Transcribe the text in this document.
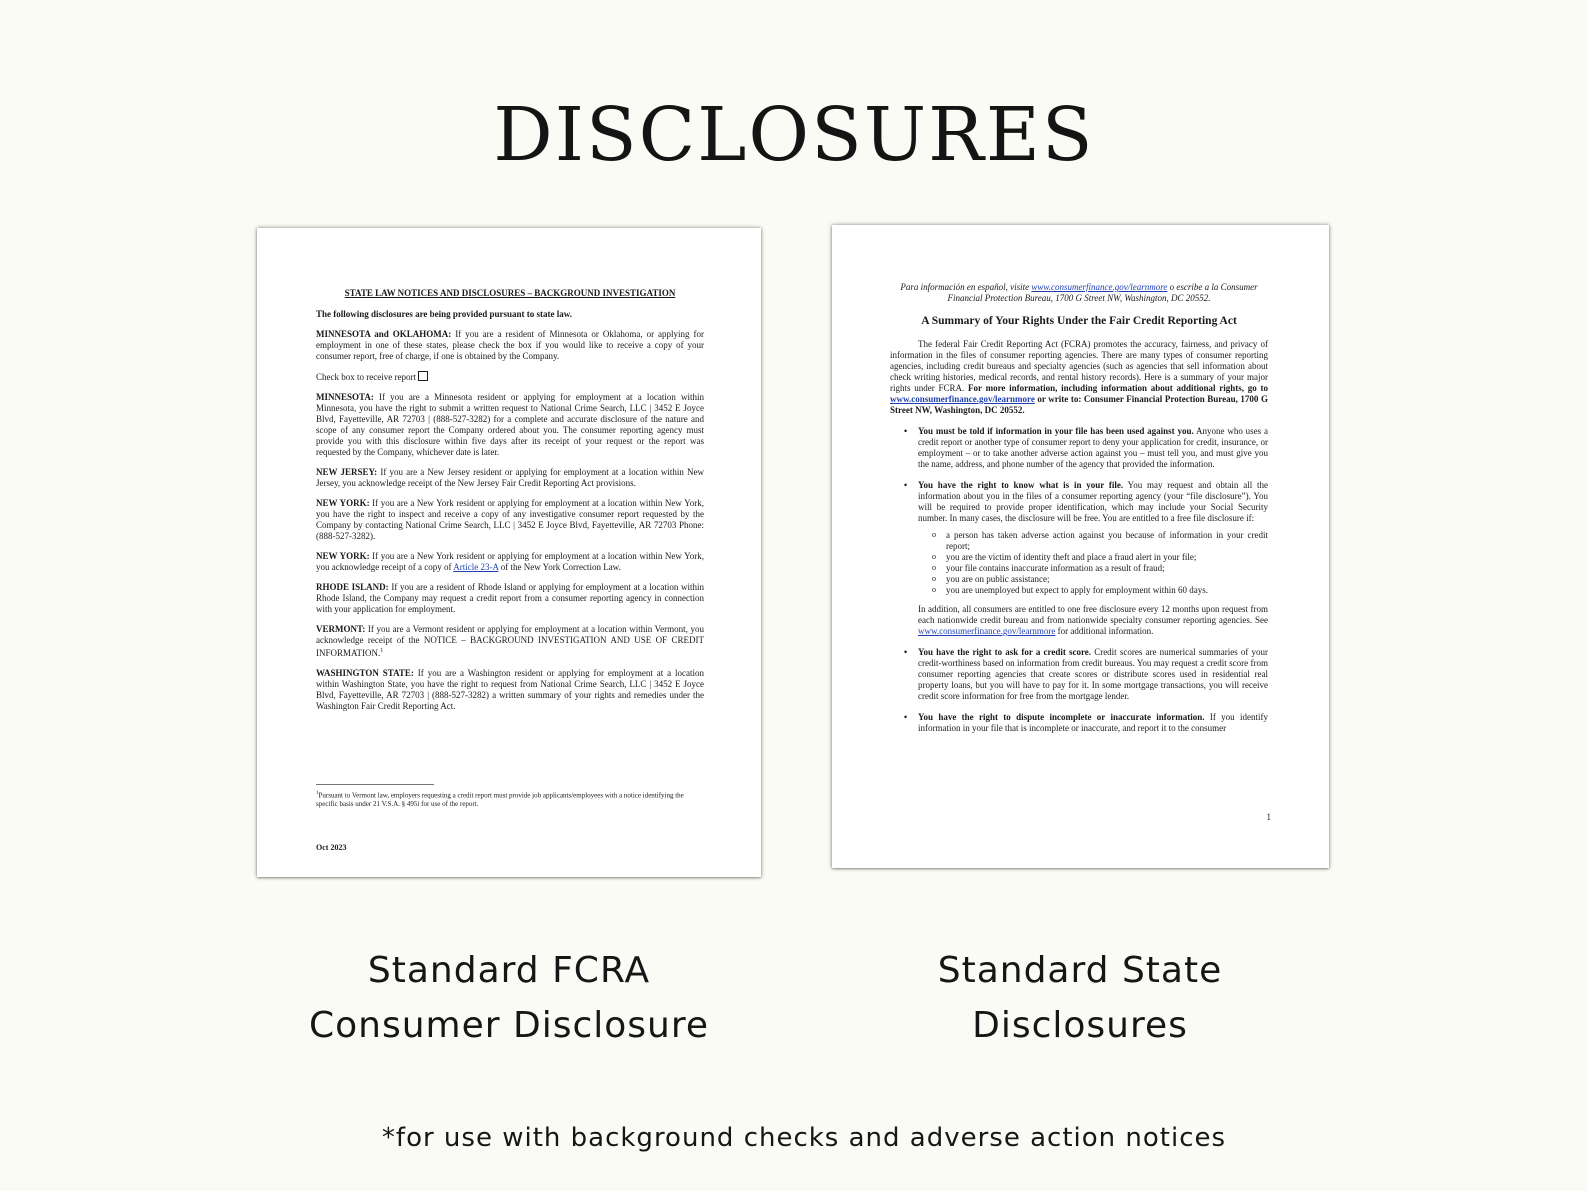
DISCLOSURES
STATE LAW NOTICES AND DISCLOSURES – BACKGROUND INVESTIGATION
The following disclosures are being provided pursuant to state law.
MINNESOTA and OKLAHOMA: If you are a resident of Minnesota or Oklahoma, or applying for employment in one of these states, please check the box if you would like to receive a copy of your consumer report, free of charge, if one is obtained by the Company.
Check box to receive report
MINNESOTA: If you are a Minnesota resident or applying for employment at a location within Minnesota, you have the right to submit a written request to National Crime Search, LLC | 3452 E Joyce Blvd, Fayetteville, AR 72703 | (888-527-3282) for a complete and accurate disclosure of the nature and scope of any consumer report the Company ordered about you. The consumer reporting agency must provide you with this disclosure within five days after its receipt of your request or the report was requested by the Company, whichever date is later.
NEW JERSEY: If you are a New Jersey resident or applying for employment at a location within New Jersey, you acknowledge receipt of the New Jersey Fair Credit Reporting Act provisions.
NEW YORK: If you are a New York resident or applying for employment at a location within New York, you have the right to inspect and receive a copy of any investigative consumer report requested by the Company by contacting National Crime Search, LLC | 3452 E Joyce Blvd, Fayetteville, AR 72703 Phone: (888-527-3282).
NEW YORK: If you are a New York resident or applying for employment at a location within New York, you acknowledge receipt of a copy of Article 23-A of the New York Correction Law.
RHODE ISLAND: If you are a resident of Rhode Island or applying for employment at a location within Rhode Island, the Company may request a credit report from a consumer reporting agency in connection with your application for employment.
VERMONT: If you are a Vermont resident or applying for employment at a location within Vermont, you acknowledge receipt of the NOTICE – BACKGROUND INVESTIGATION AND USE OF CREDIT INFORMATION.$^1$
WASHINGTON STATE: If you are a Washington resident or applying for employment at a location within Washington State, you have the right to request from National Crime Search, LLC | 3452 E Joyce Blvd, Fayetteville, AR 72703 | (888-527-3282) a written summary of your rights and remedies under the Washington Fair Credit Reporting Act.
$^1$Pursuant to Vermont law, employers requesting a credit report must provide job applicants/employees with a notice identifying the specific basis under 21 V.S.A. § 495i for use of the report.
Oct 2023
Para información en español, visite www.consumerfinance.gov/learnmore o escribe a la Consumer Financial Protection Bureau, 1700 G Street NW, Washington, DC 20552.
A Summary of Your Rights Under the Fair Credit Reporting Act
The federal Fair Credit Reporting Act (FCRA) promotes the accuracy, fairness, and privacy of information in the files of consumer reporting agencies. There are many types of consumer reporting agencies, including credit bureaus and specialty agencies (such as agencies that sell information about check writing histories, medical records, and rental history records). Here is a summary of your major rights under FCRA. For more information, including information about additional rights, go to www.consumerfinance.gov/learnmore or write to: Consumer Financial Protection Bureau, 1700 G Street NW, Washington, DC 20552.
• You must be told if information in your file has been used against you. Anyone who uses a credit report or another type of consumer report to deny your application for credit, insurance, or employment – or to take another adverse action against you – must tell you, and must give you the name, address, and phone number of the agency that provided the information.
• You have the right to know what is in your file. You may request and obtain all the information about you in the files of a consumer reporting agency (your “file disclosure”). You will be required to provide proper identification, which may include your Social Security number. In many cases, the disclosure will be free. You are entitled to a free file disclosure if:
o a person has taken adverse action against you because of information in your credit report;
o you are the victim of identity theft and place a fraud alert in your file;
o your file contains inaccurate information as a result of fraud;
o you are on public assistance;
o you are unemployed but expect to apply for employment within 60 days.
In addition, all consumers are entitled to one free disclosure every 12 months upon request from each nationwide credit bureau and from nationwide specialty consumer reporting agencies. See www.consumerfinance.gov/learnmore for additional information.
• You have the right to ask for a credit score. Credit scores are numerical summaries of your credit-worthiness based on information from credit bureaus. You may request a credit score from consumer reporting agencies that create scores or distribute scores used in residential real property loans, but you will have to pay for it. In some mortgage transactions, you will receive credit score information for free from the mortgage lender.
• You have the right to dispute incomplete or inaccurate information. If you identify information in your file that is incomplete or inaccurate, and report it to the consumer
1
Standard FCRA
Consumer Disclosure
Standard State
Disclosures
*for use with background checks and adverse action notices
